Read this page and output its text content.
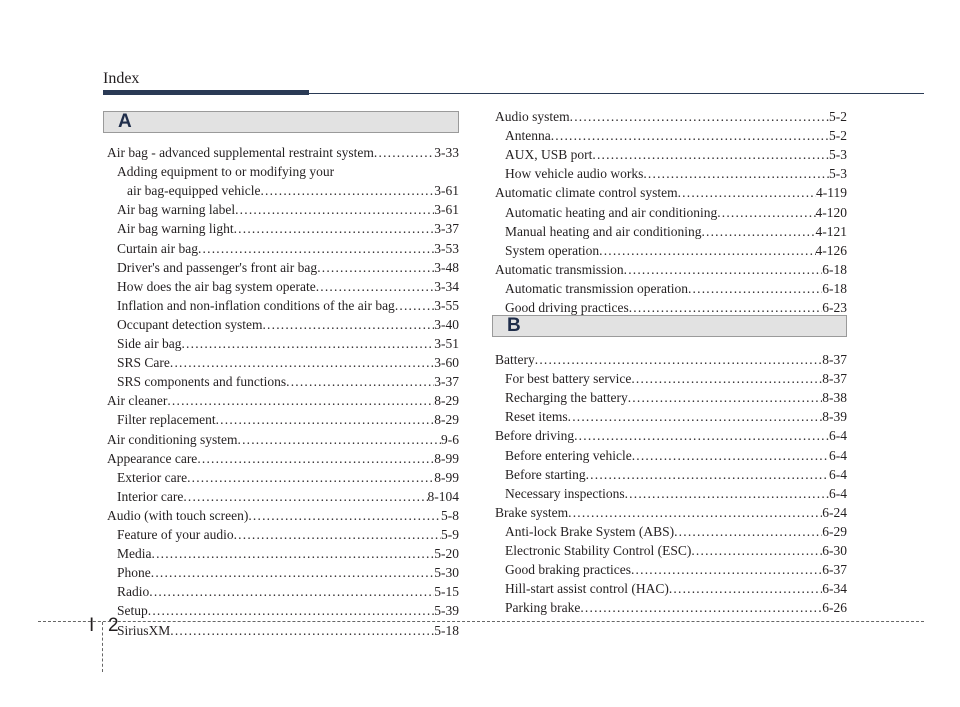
Index
A
B
Air bag - advanced supplemental restraint system .....	3-33
Adding equipment to or modifying your
air bag-equipped vehicle .....	3-61
Air bag warning label .....	3-61
Air bag warning light .....	3-37
Curtain air bag .....	3-53
Driver's and passenger's front air bag .....	3-48
How does the air bag system operate .....	3-34
Inflation and non-inflation conditions of the air bag .....	3-55
Occupant detection system .....	3-40
Side air bag .....	3-51
SRS Care .....	3-60
SRS components and functions .....	3-37
Air cleaner .....	8-29
Filter replacement .....	8-29
Air conditioning system .....	9-6
Appearance care .....	8-99
Exterior care .....	8-99
Interior care .....	8-104
Audio (with touch screen) .....	5-8
Feature of your audio .....	5-9
Media .....	5-20
Phone .....	5-30
Radio .....	5-15
Setup .....	5-39
SiriusXM .....	5-18
Audio system .....	5-2
Antenna .....	5-2
AUX, USB port .....	5-3
How vehicle audio works .....	5-3
Automatic climate control system .....	4-119
Automatic heating and air conditioning .....	4-120
Manual heating and air conditioning .....	4-121
System operation .....	4-126
Automatic transmission .....	6-18
Automatic transmission operation .....	6-18
Good driving practices .....	6-23
Battery .....	8-37
For best battery service .....	8-37
Recharging the battery .....	8-38
Reset items .....	8-39
Before driving .....	6-4
Before entering vehicle .....	6-4
Before starting .....	6-4
Necessary inspections .....	6-4
Brake system .....	6-24
Anti-lock Brake System (ABS) .....	6-29
Electronic Stability Control (ESC) .....	6-30
Good braking practices .....	6-37
Hill-start assist control (HAC) .....	6-34
Parking brake .....	6-26
I 2
